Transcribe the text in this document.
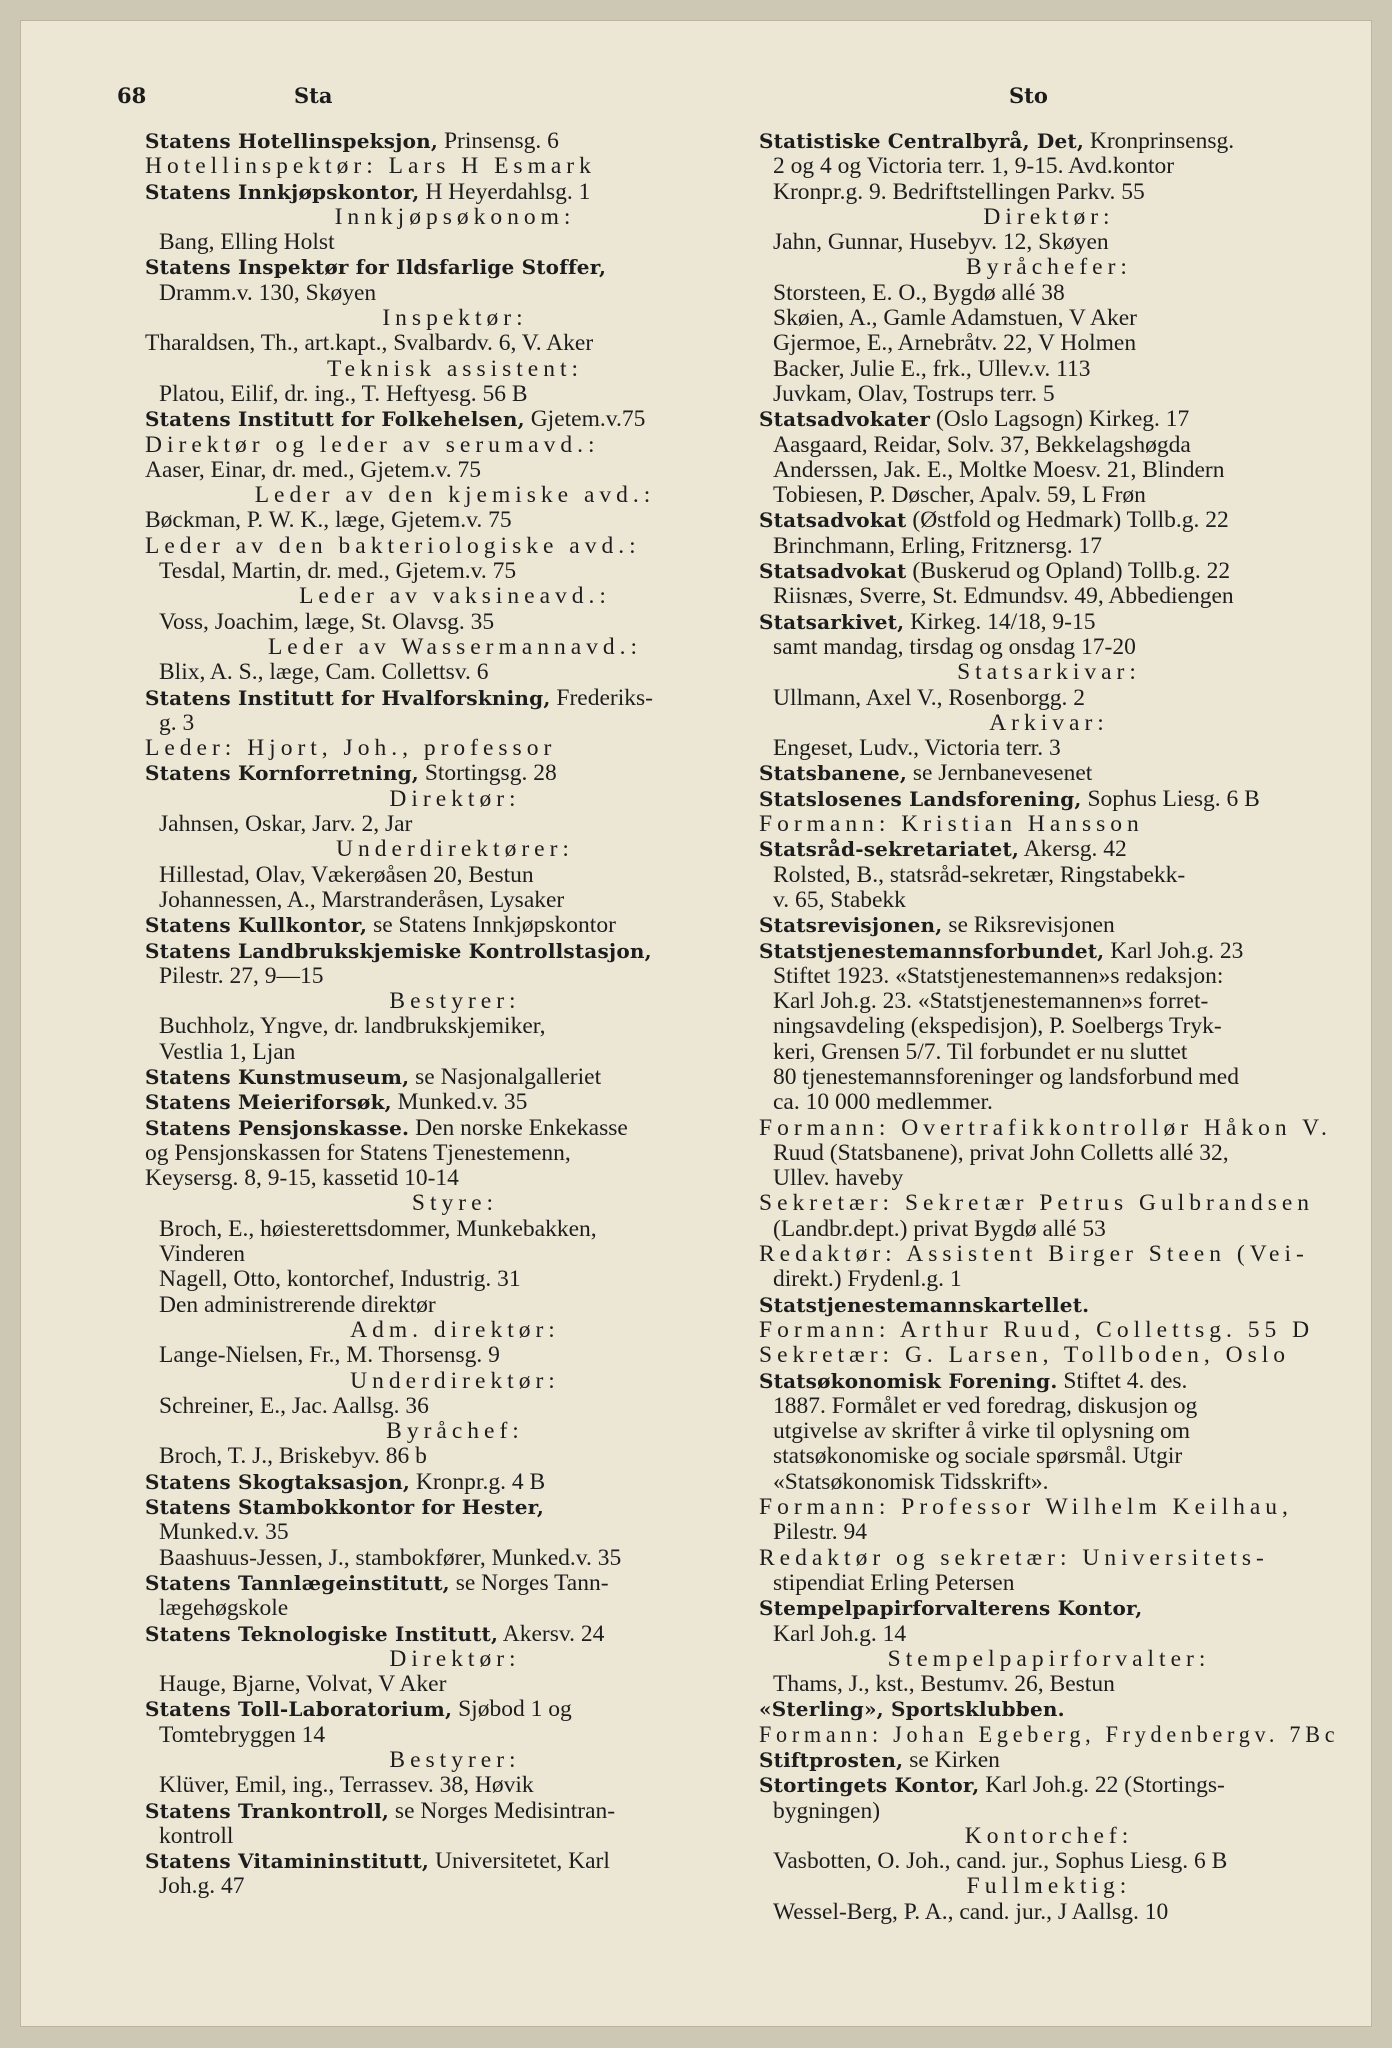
68	Sta	Sto
Statens Hotellinspeksjon, Prinsensg. 6
Hotellinspektør: Lars H Esmark
Statens Innkjøpskontor, H Heyerdahlsg. 1
Innkjøpsøkonom:
Bang, Elling Holst
Statens Inspektør for Ildsfarlige Stoffer,
Dramm.v. 130, Skøyen
Inspektør:
Tharaldsen, Th., art.kapt., Svalbardv. 6, V. Aker
Teknisk assistent:
Platou, Eilif, dr. ing., T. Heftyesg. 56 B
Statens Institutt for Folkehelsen, Gjetem.v.75
Direktør og leder av serumavd.:
Aaser, Einar, dr. med., Gjetem.v. 75
Leder av den kjemiske avd.:
Bøckman, P. W. K., læge, Gjetem.v. 75
Leder av den bakteriologiske avd.:
Tesdal, Martin, dr. med., Gjetem.v. 75
Leder av vaksineavd.:
Voss, Joachim, læge, St. Olavsg. 35
Leder av Wassermannavd.:
Blix, A. S., læge, Cam. Collettsv. 6
Statens Institutt for Hvalforskning, Frederiks-
g. 3
Leder: Hjort, Joh., professor
Statens Kornforretning, Stortingsg. 28
Direktør:
Jahnsen, Oskar, Jarv. 2, Jar
Underdirektører:
Hillestad, Olav, Vækerøåsen 20, Bestun
Johannessen, A., Marstranderåsen, Lysaker
Statens Kullkontor, se Statens Innkjøpskontor
Statens Landbrukskjemiske Kontrollstasjon,
Pilestr. 27, 9—15
Bestyrer:
Buchholz, Yngve, dr. landbrukskjemiker,
Vestlia 1, Ljan
Statens Kunstmuseum, se Nasjonalgalleriet
Statens Meieriforsøk, Munked.v. 35
Statens Pensjonskasse. Den norske Enkekasse
og Pensjonskassen for Statens Tjenestemenn,
Keysersg. 8, 9-15, kassetid 10-14
Styre:
Broch, E., høiesterettsdommer, Munkebakken,
Vinderen
Nagell, Otto, kontorchef, Industrig. 31
Den administrerende direktør
Adm. direktør:
Lange-Nielsen, Fr., M. Thorsensg. 9
Underdirektør:
Schreiner, E., Jac. Aallsg. 36
Byråchef:
Broch, T. J., Briskebyv. 86 b
Statens Skogtaksasjon, Kronpr.g. 4 B
Statens Stambokkontor for Hester,
Munked.v. 35
Baashuus-Jessen, J., stambokfører, Munked.v. 35
Statens Tannlægeinstitutt, se Norges Tann-
lægehøgskole
Statens Teknologiske Institutt, Akersv. 24
Direktør:
Hauge, Bjarne, Volvat, V Aker
Statens Toll-Laboratorium, Sjøbod 1 og
Tomtebryggen 14
Bestyrer:
Klüver, Emil, ing., Terrassev. 38, Høvik
Statens Trankontroll, se Norges Medisintran-
kontroll
Statens Vitamininstitutt, Universitetet, Karl
Joh.g. 47
Statistiske Centralbyrå, Det, Kronprinsensg.
2 og 4 og Victoria terr. 1, 9-15. Avd.kontor
Kronpr.g. 9. Bedriftstellingen Parkv. 55
Direktør:
Jahn, Gunnar, Husebyv. 12, Skøyen
Byråchefer:
Storsteen, E. O., Bygdø allé 38
Skøien, A., Gamle Adamstuen, V Aker
Gjermoe, E., Arnebråtv. 22, V Holmen
Backer, Julie E., frk., Ullev.v. 113
Juvkam, Olav, Tostrups terr. 5
Statsadvokater (Oslo Lagsogn) Kirkeg. 17
Aasgaard, Reidar, Solv. 37, Bekkelagshøgda
Anderssen, Jak. E., Moltke Moesv. 21, Blindern
Tobiesen, P. Døscher, Apalv. 59, L Frøn
Statsadvokat (Østfold og Hedmark) Tollb.g. 22
Brinchmann, Erling, Fritznersg. 17
Statsadvokat (Buskerud og Opland) Tollb.g. 22
Riisnæs, Sverre, St. Edmundsv. 49, Abbediengen
Statsarkivet, Kirkeg. 14/18, 9-15
samt mandag, tirsdag og onsdag 17-20
Statsarkivar:
Ullmann, Axel V., Rosenborgg. 2
Arkivar:
Engeset, Ludv., Victoria terr. 3
Statsbanene, se Jernbanevesenet
Statslosenes Landsforening, Sophus Liesg. 6 B
Formann: Kristian Hansson
Statsråd-sekretariatet, Akersg. 42
Rolsted, B., statsråd-sekretær, Ringstabekk-
v. 65, Stabekk
Statsrevisjonen, se Riksrevisjonen
Statstjenestemannsforbundet, Karl Joh.g. 23
Stiftet 1923. «Statstjenestemannen»s redaksjon:
Karl Joh.g. 23. «Statstjenestemannen»s forret-
ningsavdeling (ekspedisjon), P. Soelbergs Tryk-
keri, Grensen 5/7. Til forbundet er nu sluttet
80 tjenestemannsforeninger og landsforbund med
ca. 10 000 medlemmer.
Formann: Overtrafikkontrollør Håkon V.
Ruud (Statsbanene), privat John Colletts allé 32,
Ullev. haveby
Sekretær: Sekretær Petrus Gulbrandsen
(Landbr.dept.) privat Bygdø allé 53
Redaktør: Assistent Birger Steen (Vei-
direkt.) Frydenl.g. 1
Statstjenestemannskartellet.
Formann: Arthur Ruud, Collettsg. 55 D
Sekretær: G. Larsen, Tollboden, Oslo
Statsøkonomisk Forening. Stiftet 4. des.
1887. Formålet er ved foredrag, diskusjon og
utgivelse av skrifter å virke til oplysning om
statsøkonomiske og sociale spørsmål. Utgir
«Statsøkonomisk Tidsskrift».
Formann: Professor Wilhelm Keilhau,
Pilestr. 94
Redaktør og sekretær: Universitets-
stipendiat Erling Petersen
Stempelpapirforvalterens Kontor,
Karl Joh.g. 14
Stempelpapirforvalter:
Thams, J., kst., Bestumv. 26, Bestun
«Sterling», Sportsklubben.
Formann: Johan Egeberg, Frydenbergv. 7Bc
Stiftprosten, se Kirken
Stortingets Kontor, Karl Joh.g. 22 (Stortings-
bygningen)
Kontorchef:
Vasbotten, O. Joh., cand. jur., Sophus Liesg. 6 B
Fullmektig:
Wessel-Berg, P. A., cand. jur., J Aallsg. 10
